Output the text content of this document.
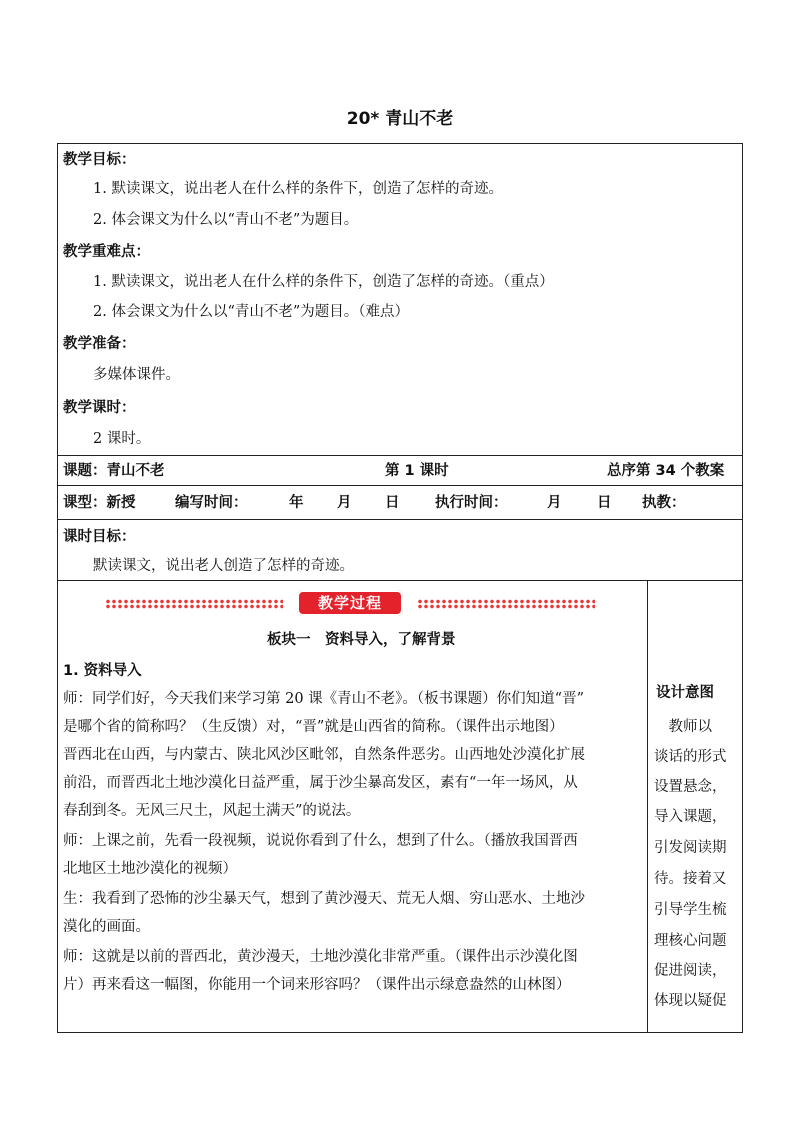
20* 青山不老
教学目标：
1. 默读课文，说出老人在什么样的条件下，创造了怎样的奇迹。
2. 体会课文为什么以“青山不老”为题目。
教学重难点：
1. 默读课文，说出老人在什么样的条件下，创造了怎样的奇迹。（重点）
2. 体会课文为什么以“青山不老”为题目。（难点）
教学准备：
多媒体课件。
教学课时：
2 课时。
课题：青山不老	第 1 课时	总序第 34 个教案
课型：新授	编写时间：	年 月 日 执行时间：	月 日 执教：
课时目标：
默读课文，说出老人创造了怎样的奇迹。
教学过程
板块一　资料导入，了解背景
1. 资料导入
师：同学们好，今天我们来学习第 20 课《青山不老》。（板书课题）你们知道“晋”
是哪个省的简称吗？（生反馈）对，“晋”就是山西省的简称。（课件出示地图）
晋西北在山西，与内蒙古、陕北风沙区毗邻，自然条件恶劣。山西地处沙漠化扩展
前沿，而晋西北土地沙漠化日益严重，属于沙尘暴高发区，素有“一年一场风，从
春刮到冬。无风三尺土，风起土满天”的说法。
师：上课之前，先看一段视频，说说你看到了什么，想到了什么。（播放我国晋西
北地区土地沙漠化的视频）
生：我看到了恐怖的沙尘暴天气，想到了黄沙漫天、荒无人烟、穷山恶水、土地沙
漠化的画面。
师：这就是以前的晋西北，黄沙漫天，土地沙漠化非常严重。（课件出示沙漠化图
片）再来看这一幅图，你能用一个词来形容吗？（课件出示绿意盎然的山林图）
设计意图
　教师以
谈话的形式
设置悬念，
导入课题，
引发阅读期
待。接着又
引导学生梳
理核心问题
促进阅读，
体现以疑促
